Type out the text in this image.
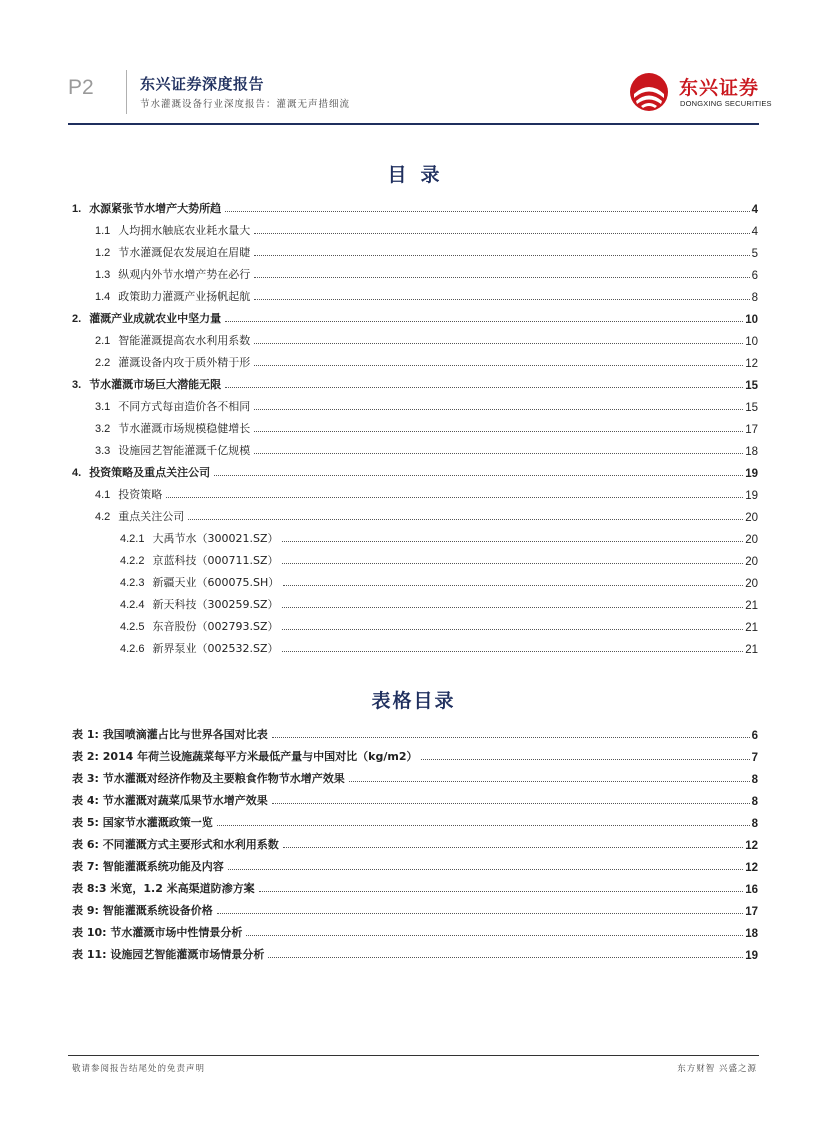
P2	东兴证券深度报告
节水灌溉设备行业深度报告：灌溉无声措细流
东兴证券
DONGXING SECURITIES
目录
1. 水源紧张节水增产大势所趋	4
1.1 人均拥水触底农业耗水量大	4
1.2 节水灌溉促农发展迫在眉睫	5
1.3 纵观内外节水增产势在必行	6
1.4 政策助力灌溉产业扬帆起航	8
2. 灌溉产业成就农业中坚力量	10
2.1 智能灌溉提高农水利用系数	10
2.2 灌溉设备内攻于质外精于形	12
3. 节水灌溉市场巨大潜能无限	15
3.1 不同方式每亩造价各不相同	15
3.2 节水灌溉市场规模稳健增长	17
3.3 设施园艺智能灌溉千亿规模	18
4. 投资策略及重点关注公司	19
4.1 投资策略	19
4.2 重点关注公司	20
4.2.1 大禹节水（300021.SZ）	20
4.2.2 京蓝科技（000711.SZ）	20
4.2.3 新疆天业（600075.SH）	20
4.2.4 新天科技（300259.SZ）	21
4.2.5 东音股份（002793.SZ）	21
4.2.6 新界泵业（002532.SZ）	21
表格目录
表 1: 我国喷滴灌占比与世界各国对比表	6
表 2: 2014 年荷兰设施蔬菜每平方米最低产量与中国对比（kg/m2）	7
表 3: 节水灌溉对经济作物及主要粮食作物节水增产效果	8
表 4: 节水灌溉对蔬菜瓜果节水增产效果	8
表 5: 国家节水灌溉政策一览	8
表 6: 不同灌溉方式主要形式和水利用系数	12
表 7: 智能灌溉系统功能及内容	12
表 8:3 米宽，1.2 米高渠道防渗方案	16
表 9: 智能灌溉系统设备价格	17
表 10: 节水灌溉市场中性情景分析	18
表 11: 设施园艺智能灌溉市场情景分析	19
敬请参阅报告结尾处的免责声明	东方财智 兴盛之源
